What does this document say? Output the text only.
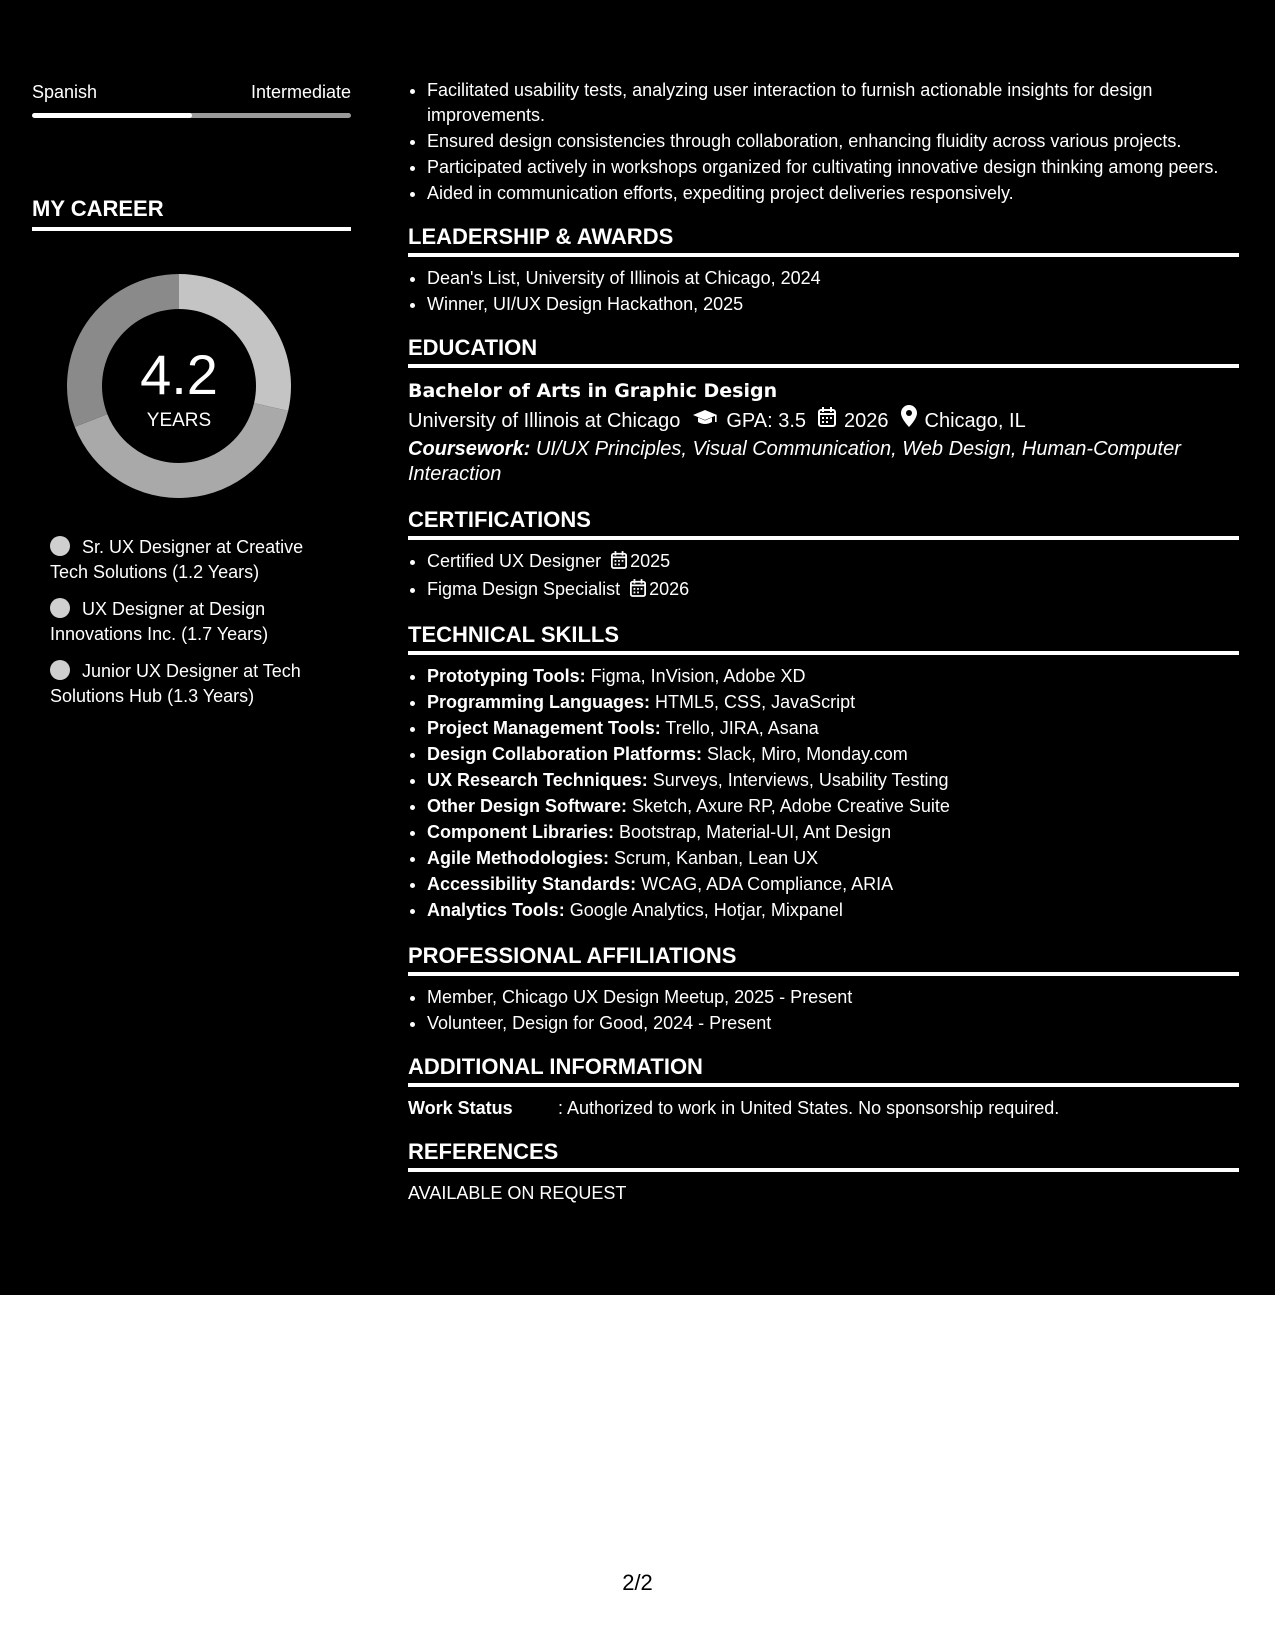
Spanish	Intermediate
MY CAREER
4.2
YEARS
Sr. UX Designer at Creative Tech Solutions (1.2 Years)
UX Designer at Design Innovations Inc. (1.7 Years)
Junior UX Designer at Tech Solutions Hub (1.3 Years)
• Facilitated usability tests, analyzing user interaction to furnish actionable insights for design improvements.
• Ensured design consistencies through collaboration, enhancing fluidity across various projects.
• Participated actively in workshops organized for cultivating innovative design thinking among peers.
• Aided in communication efforts, expediting project deliveries responsively.
LEADERSHIP & AWARDS
• Dean's List, University of Illinois at Chicago, 2024
• Winner, UI/UX Design Hackathon, 2025
EDUCATION
Bachelor of Arts in Graphic Design
University of Illinois at Chicago GPA: 3.5 2026 Chicago, IL
Coursework: UI/UX Principles, Visual Communication, Web Design, Human-Computer Interaction
CERTIFICATIONS
• Certified UX Designer 2025
• Figma Design Specialist 2026
TECHNICAL SKILLS
• Prototyping Tools: Figma, InVision, Adobe XD
• Programming Languages: HTML5, CSS, JavaScript
• Project Management Tools: Trello, JIRA, Asana
• Design Collaboration Platforms: Slack, Miro, Monday.com
• UX Research Techniques: Surveys, Interviews, Usability Testing
• Other Design Software: Sketch, Axure RP, Adobe Creative Suite
• Component Libraries: Bootstrap, Material-UI, Ant Design
• Agile Methodologies: Scrum, Kanban, Lean UX
• Accessibility Standards: WCAG, ADA Compliance, ARIA
• Analytics Tools: Google Analytics, Hotjar, Mixpanel
PROFESSIONAL AFFILIATIONS
• Member, Chicago UX Design Meetup, 2025 - Present
• Volunteer, Design for Good, 2024 - Present
ADDITIONAL INFORMATION
Work Status	: Authorized to work in United States. No sponsorship required.
REFERENCES
AVAILABLE ON REQUEST
2/2
